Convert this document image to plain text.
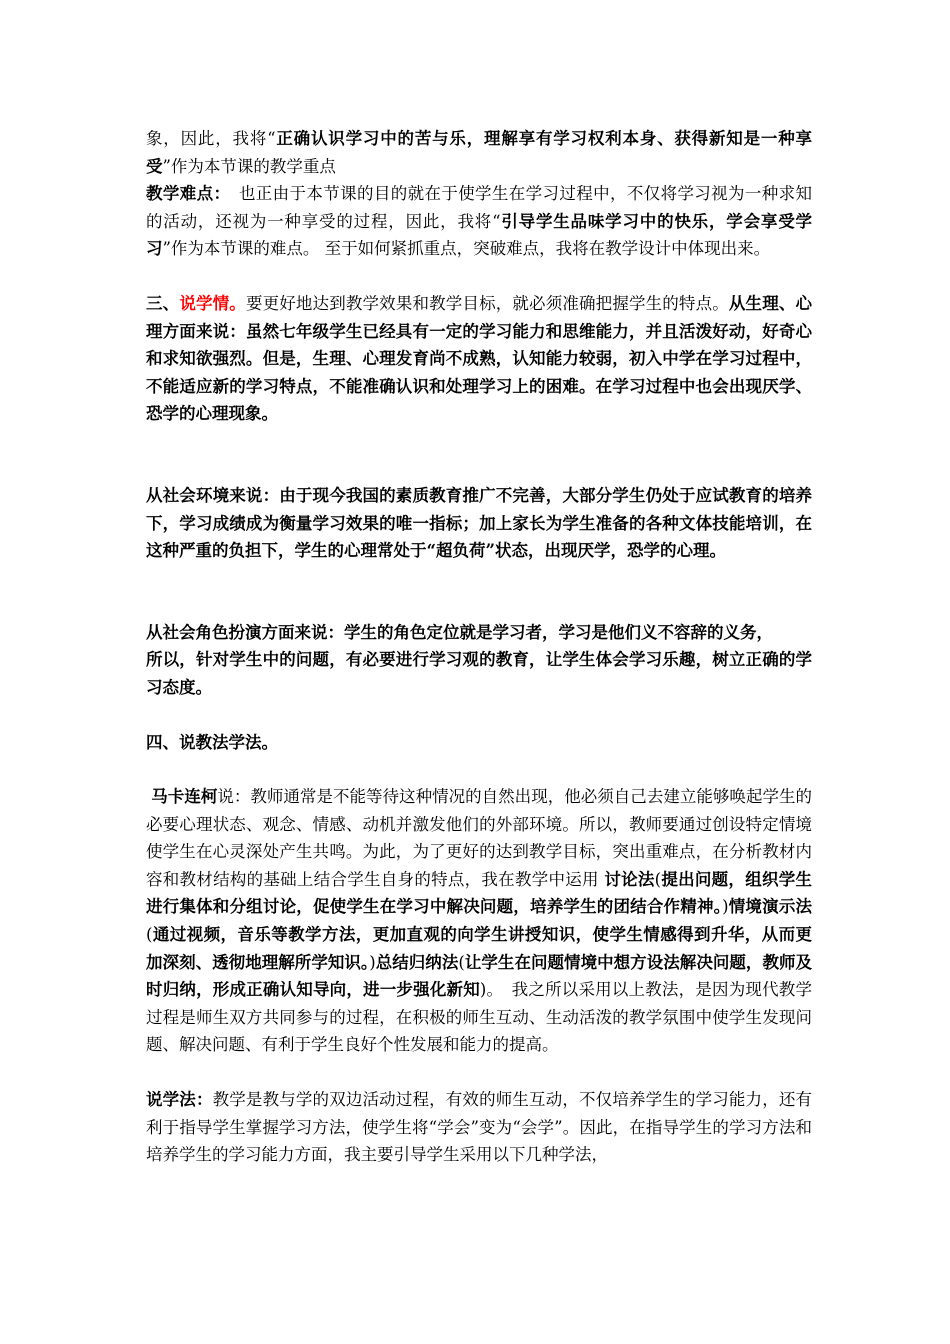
象，因此，我将“正确认识学习中的苦与乐，理解享有学习权利本身、获得新知是一种享受”作为本节课的教学重点

教学难点：　也正由于本节课的目的就在于使学生在学习过程中，不仅将学习视为一种求知的活动，还视为一种享受的过程，因此，我将“引导学生品味学习中的快乐，学会享受学习”作为本节课的难点。 至于如何紧抓重点，突破难点，我将在教学设计中体现出来。

三、说学情。要更好地达到教学效果和教学目标，就必须准确把握学生的特点。从生理、心理方面来说：虽然七年级学生已经具有一定的学习能力和思维能力，并且活泼好动，好奇心和求知欲强烈。但是，生理、心理发育尚不成熟，认知能力较弱，初入中学在学习过程中，不能适应新的学习特点，不能准确认识和处理学习上的困难。在学习过程中也会出现厌学、恐学的心理现象。

从社会环境来说：由于现今我国的素质教育推广不完善，大部分学生仍处于应试教育的培养下，学习成绩成为衡量学习效果的唯一指标；加上家长为学生准备的各种文体技能培训，在这种严重的负担下，学生的心理常处于“超负荷”状态，出现厌学，恐学的心理。

从社会角色扮演方面来说：学生的角色定位就是学习者，学习是他们义不容辞的义务，

所以，针对学生中的问题，有必要进行学习观的教育，让学生体会学习乐趣，树立正确的学习态度。

四、说教法学法。

马卡连柯说：教师通常是不能等待这种情况的自然出现，他必须自己去建立能够唤起学生的必要心理状态、观念、情感、动机并激发他们的外部环境。所以，教师要通过创设特定情境使学生在心灵深处产生共鸣。为此，为了更好的达到教学目标，突出重难点，在分析教材内容和教材结构的基础上结合学生自身的特点，我在教学中运用 讨论法(提出问题，组织学生进行集体和分组讨论，促使学生在学习中解决问题，培养学生的团结合作精神。)情境演示法(通过视频，音乐等教学方法，更加直观的向学生讲授知识，使学生情感得到升华，从而更加深刻、透彻地理解所学知识。)总结归纳法(让学生在问题情境中想方设法解决问题，教师及时归纳，形成正确认知导向，进一步强化新知)。　我之所以采用以上教法，是因为现代教学过程是师生双方共同参与的过程，在积极的师生互动、生动活泼的教学氛围中使学生发现问题、解决问题、有利于学生良好个性发展和能力的提高。

说学法：教学是教与学的双边活动过程，有效的师生互动，不仅培养学生的学习能力，还有利于指导学生掌握学习方法，使学生将“学会”变为“会学”。因此，在指导学生的学习方法和培养学生的学习能力方面，我主要引导学生采用以下几种学法，
